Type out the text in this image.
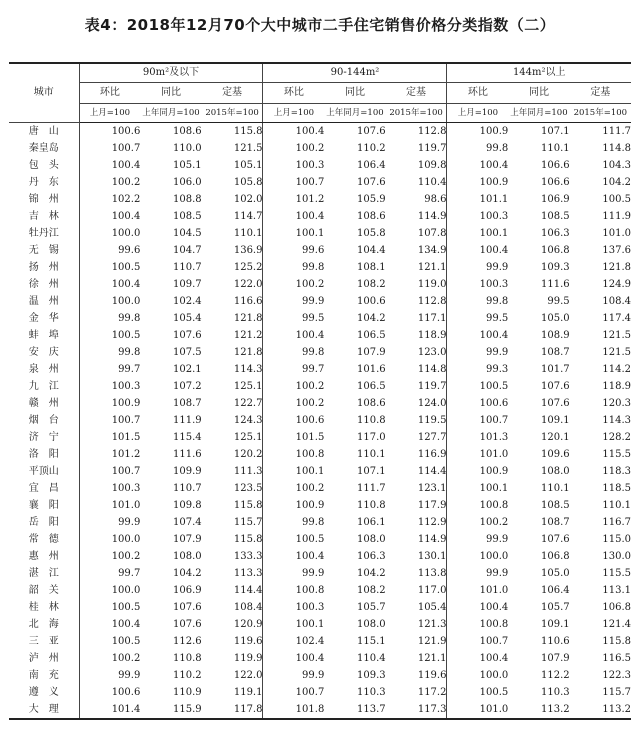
表4：2018年12月70个大中城市二手住宅销售价格分类指数（二）
城市	90m²及以下			90-144m²			144m²以上		
	环比	同比	定基	环比	同比	定基	环比	同比	定基
	上月=100	上年同月=100	2015年=100	上月=100	上年同月=100	2015年=100	上月=100	上年同月=100	2015年=100
唐　山	100.6	108.6	115.8	100.4	107.6	112.8	100.9	107.1	111.7
秦皇岛	100.7	110.0	121.5	100.2	110.2	119.7	99.8	110.1	114.8
包　头	100.4	105.1	105.1	100.3	106.4	109.8	100.4	106.6	104.3
丹　东	100.2	106.0	105.8	100.7	107.6	110.4	100.9	106.6	104.2
锦　州	102.2	108.8	102.0	101.2	105.9	98.6	101.1	106.9	100.5
吉　林	100.4	108.5	114.7	100.4	108.6	114.9	100.3	108.5	111.9
牡丹江	100.0	104.5	110.1	100.1	105.8	107.8	100.1	106.3	101.0
无　锡	99.6	104.7	136.9	99.6	104.4	134.9	100.4	106.8	137.6
扬　州	100.5	110.7	125.2	99.8	108.1	121.1	99.9	109.3	121.8
徐　州	100.4	109.7	122.0	100.2	108.2	119.0	100.3	111.6	124.9
温　州	100.0	102.4	116.6	99.9	100.6	112.8	99.8	99.5	108.4
金　华	99.8	105.4	121.8	99.5	104.2	117.1	99.5	105.0	117.4
蚌　埠	100.5	107.6	121.2	100.4	106.5	118.9	100.4	108.9	121.5
安　庆	99.8	107.5	121.8	99.8	107.9	123.0	99.9	108.7	121.5
泉　州	99.7	102.1	114.3	99.7	101.6	114.8	99.3	101.7	114.2
九　江	100.3	107.2	125.1	100.2	106.5	119.7	100.5	107.6	118.9
赣　州	100.9	108.7	122.7	100.2	108.6	124.0	100.6	107.6	120.3
烟　台	100.7	111.9	124.3	100.6	110.8	119.5	100.7	109.1	114.3
济　宁	101.5	115.4	125.1	101.5	117.0	127.7	101.3	120.1	128.2
洛　阳	101.2	111.6	120.2	100.8	110.1	116.9	101.0	109.6	115.5
平顶山	100.7	109.9	111.3	100.1	107.1	114.4	100.9	108.0	118.3
宜　昌	100.3	110.7	123.5	100.2	111.7	123.1	100.1	110.1	118.5
襄　阳	101.0	109.8	115.8	100.9	110.8	117.9	100.8	108.5	110.1
岳　阳	99.9	107.4	115.7	99.8	106.1	112.9	100.2	108.7	116.7
常　德	100.0	107.9	115.8	100.5	108.0	114.9	99.9	107.6	115.0
惠　州	100.2	108.0	133.3	100.4	106.3	130.1	100.0	106.8	130.0
湛　江	99.7	104.2	113.3	99.9	104.2	113.8	99.9	105.0	115.5
韶　关	100.0	106.9	114.4	100.8	108.2	117.0	101.0	106.4	113.1
桂　林	100.5	107.6	108.4	100.3	105.7	105.4	100.4	105.7	106.8
北　海	100.4	107.6	120.9	100.1	108.0	121.3	100.8	109.1	121.4
三　亚	100.5	112.6	119.6	102.4	115.1	121.9	100.7	110.6	115.8
泸　州	100.2	110.8	119.9	100.4	110.4	121.1	100.4	107.9	116.5
南　充	99.9	110.2	122.0	99.9	109.3	119.6	100.0	112.2	122.3
遵　义	100.6	110.9	119.1	100.7	110.3	117.2	100.5	110.3	115.7
大　理	101.4	115.9	117.8	101.8	113.7	117.3	101.0	113.2	113.2
